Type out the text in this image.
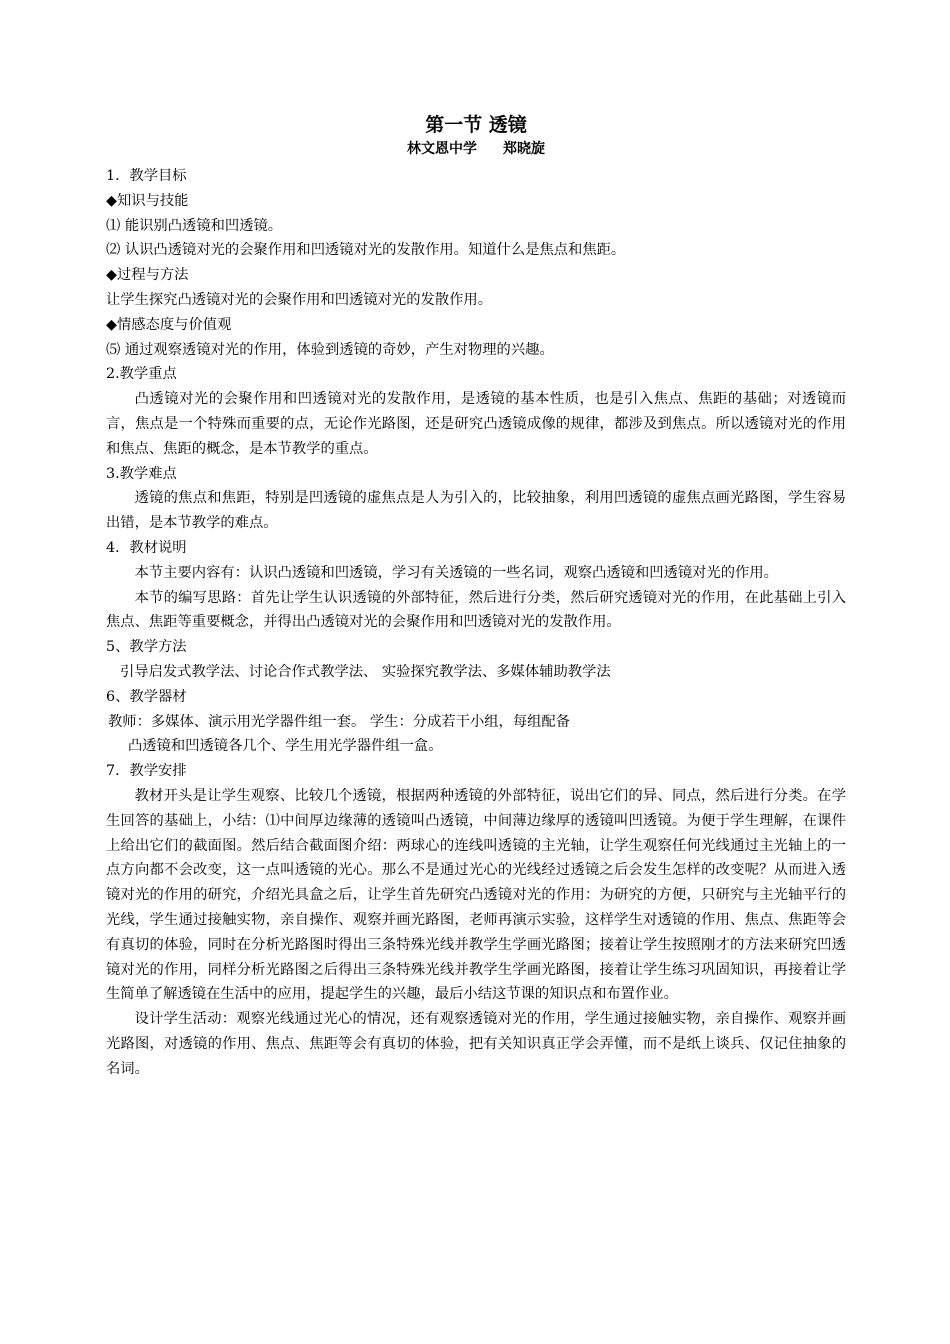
第一节 透镜
林文恩中学 郑晓旋

1．教学目标

◆知识与技能

⑴ 能识别凸透镜和凹透镜。

⑵ 认识凸透镜对光的会聚作用和凹透镜对光的发散作用。知道什么是焦点和焦距。

◆过程与方法

让学生探究凸透镜对光的会聚作用和凹透镜对光的发散作用。

◆情感态度与价值观

⑸ 通过观察透镜对光的作用，体验到透镜的奇妙，产生对物理的兴趣。

2.教学重点

凸透镜对光的会聚作用和凹透镜对光的发散作用，是透镜的基本性质，也是引入焦点、焦距的基础；对透镜而言，焦点是一个特殊而重要的点，无论作光路图，还是研究凸透镜成像的规律，都涉及到焦点。所以透镜对光的作用和焦点、焦距的概念，是本节教学的重点。

3.教学难点

透镜的焦点和焦距，特别是凹透镜的虚焦点是人为引入的，比较抽象，利用凹透镜的虚焦点画光路图，学生容易出错，是本节教学的难点。

4．教材说明

本节主要内容有：认识凸透镜和凹透镜，学习有关透镜的一些名词，观察凸透镜和凹透镜对光的作用。

本节的编写思路：首先让学生认识透镜的外部特征，然后进行分类，然后研究透镜对光的作用，在此基础上引入焦点、焦距等重要概念，并得出凸透镜对光的会聚作用和凹透镜对光的发散作用。

5、教学方法

引导启发式教学法、讨论合作式教学法、 实验探究教学法、多媒体辅助教学法

6、教学器材

教师：多媒体、演示用光学器件组一套。 学生：分成若干小组，每组配备

凸透镜和凹透镜各几个、学生用光学器件组一盒。

7．教学安排

教材开头是让学生观察、比较几个透镜，根据两种透镜的外部特征，说出它们的异、同点，然后进行分类。在学生回答的基础上，小结：⑴中间厚边缘薄的透镜叫凸透镜，中间薄边缘厚的透镜叫凹透镜。为便于学生理解，在课件上给出它们的截面图。然后结合截面图介绍：两球心的连线叫透镜的主光轴，让学生观察任何光线通过主光轴上的一点方向都不会改变，这一点叫透镜的光心。那么不是通过光心的光线经过透镜之后会发生怎样的改变呢？从而进入透镜对光的作用的研究，介绍光具盒之后，让学生首先研究凸透镜对光的作用：为研究的方便，只研究与主光轴平行的光线，学生通过接触实物，亲自操作、观察并画光路图，老师再演示实验，这样学生对透镜的作用、焦点、焦距等会有真切的体验，同时在分析光路图时得出三条特殊光线并教学生学画光路图；接着让学生按照刚才的方法来研究凹透镜对光的作用，同样分析光路图之后得出三条特殊光线并教学生学画光路图，接着让学生练习巩固知识，再接着让学生简单了解透镜在生活中的应用，提起学生的兴趣，最后小结这节课的知识点和布置作业。

设计学生活动：观察光线通过光心的情况，还有观察透镜对光的作用，学生通过接触实物，亲自操作、观察并画光路图，对透镜的作用、焦点、焦距等会有真切的体验，把有关知识真正学会弄懂，而不是纸上谈兵、仅记住抽象的名词。
